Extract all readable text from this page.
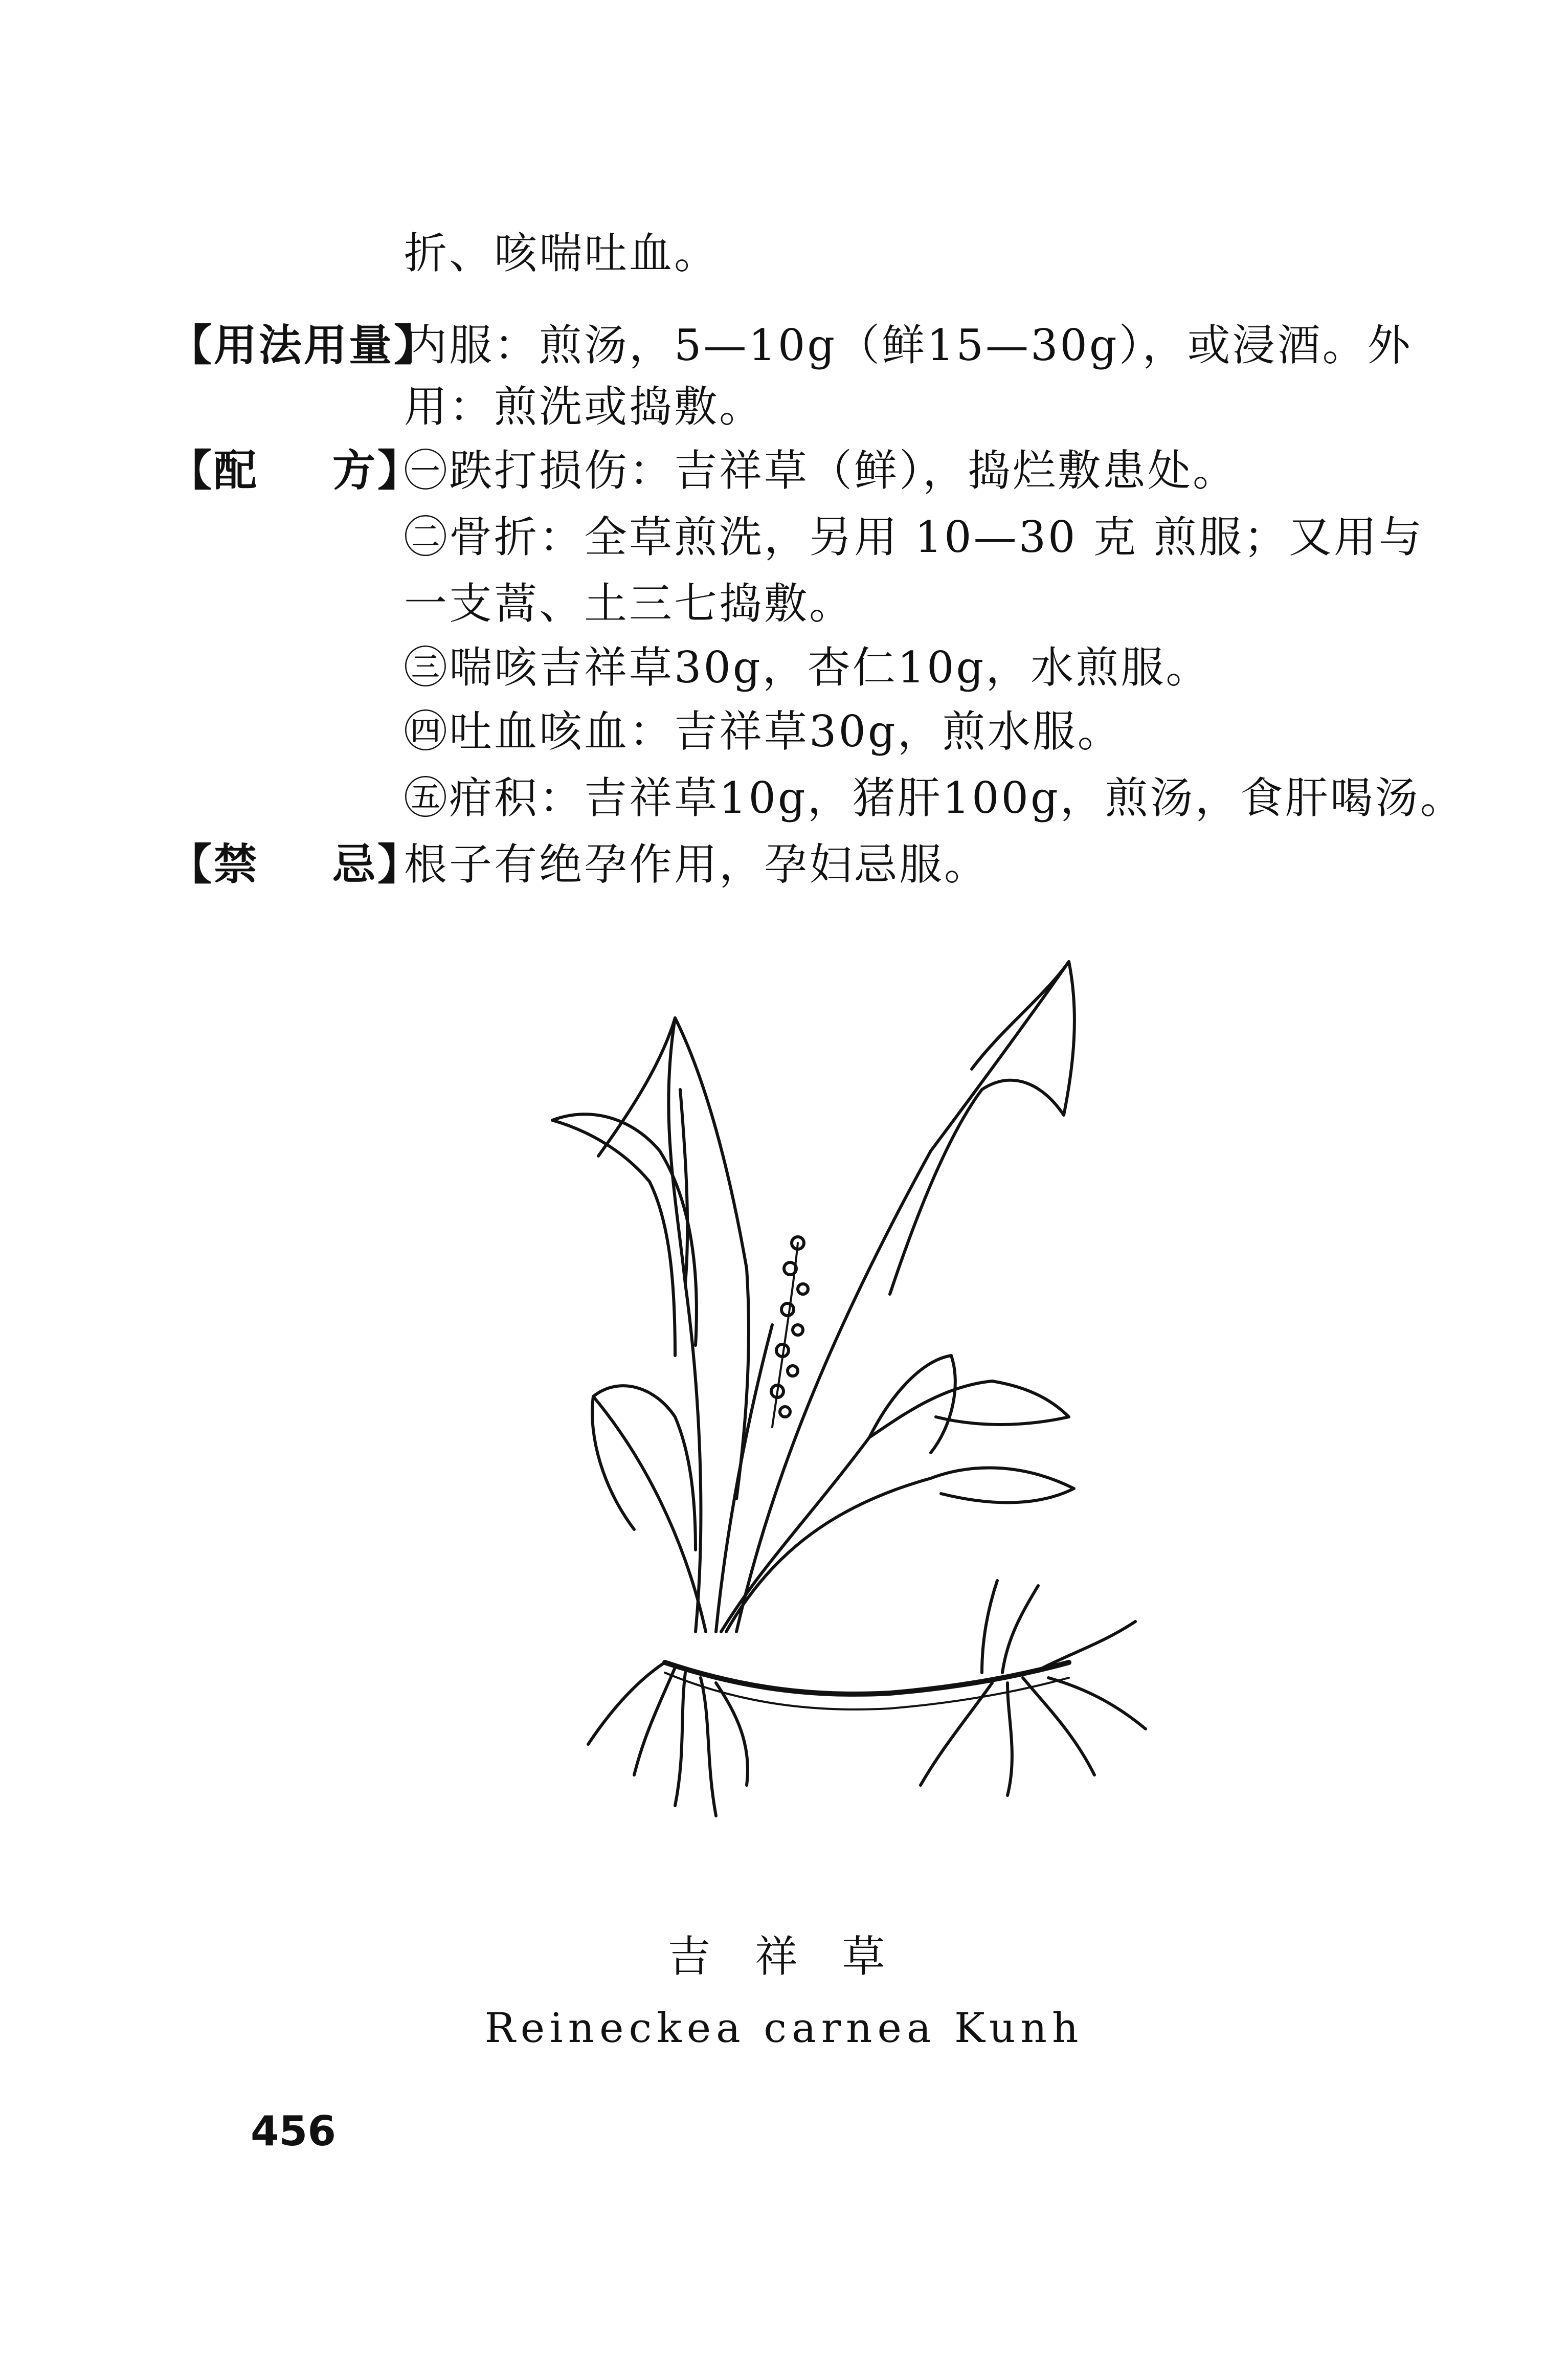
折、咳喘吐血。
【用法用量】
内服：煎汤，5—10g（鲜15—30g），或浸酒。外
用：煎洗或捣敷。
【配 方】
㊀跌打损伤：吉祥草（鲜），捣烂敷患处。
㊁骨折：全草煎洗，另用 10—30 克 煎服；又用与
一支蒿、土三七捣敷。
㊂喘咳吉祥草30g，杏仁10g，水煎服。
㊃吐血咳血：吉祥草30g，煎水服。
㊄疳积：吉祥草10g，猪肝100g，煎汤，食肝喝汤。
【禁 忌】
根子有绝孕作用，孕妇忌服。
吉 祥 草
Reineckea carnea Kunh
456
